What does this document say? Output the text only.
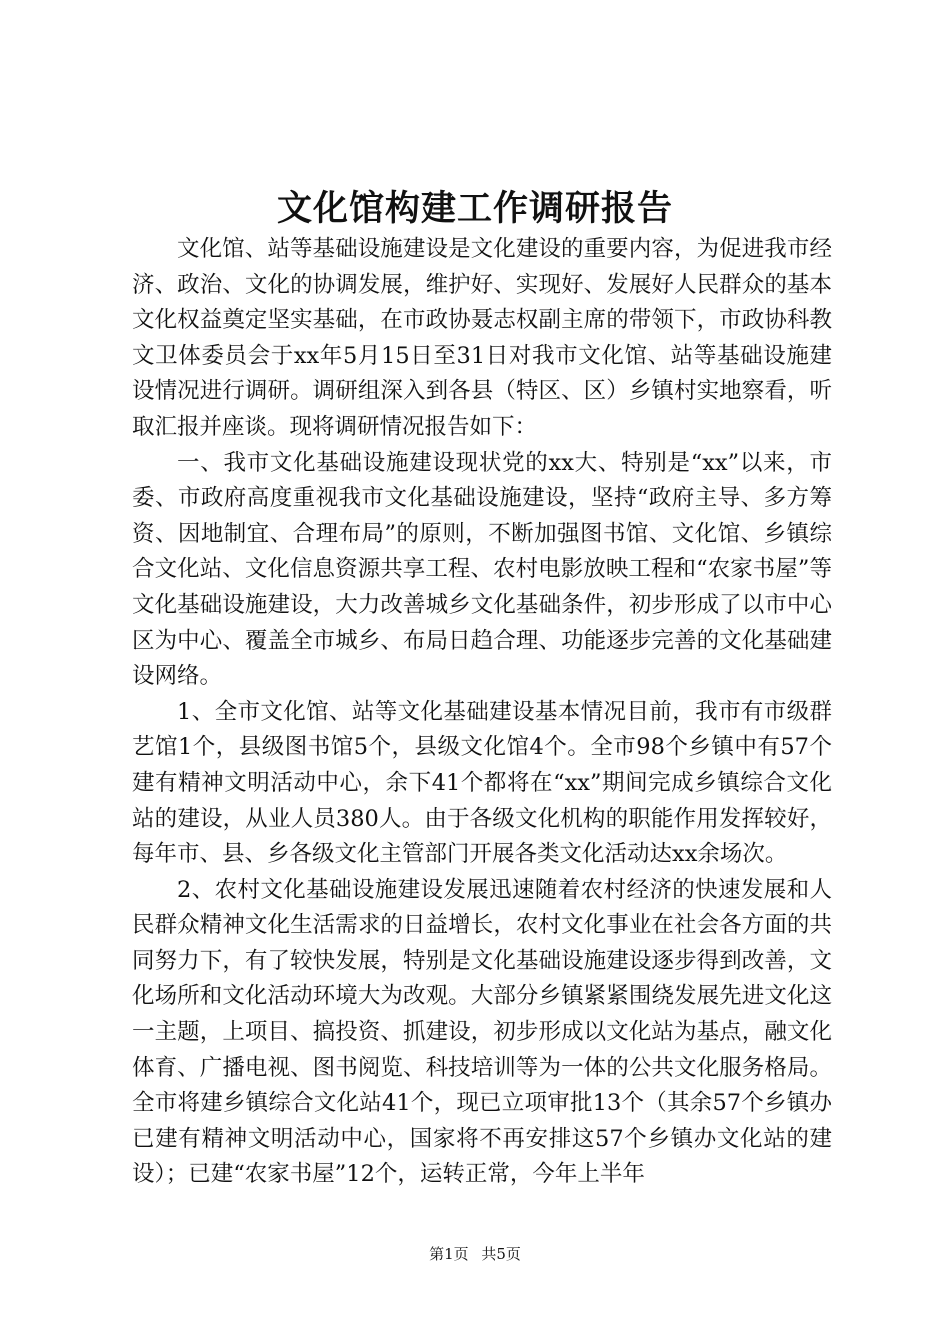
文化馆构建工作调研报告

文化馆、站等基础设施建设是文化建设的重要内容，为促进我市经济、政治、文化的协调发展，维护好、实现好、发展好人民群众的基本文化权益奠定坚实基础，在市政协聂志权副主席的带领下，市政协科教文卫体委员会于xx年5月15日至31日对我市文化馆、站等基础设施建设情况进行调研。调研组深入到各县（特区、区）乡镇村实地察看，听取汇报并座谈。现将调研情况报告如下：

一、我市文化基础设施建设现状党的xx大、特别是“xx”以来，市委、市政府高度重视我市文化基础设施建设，坚持“政府主导、多方筹资、因地制宜、合理布局”的原则，不断加强图书馆、文化馆、乡镇综合文化站、文化信息资源共享工程、农村电影放映工程和“农家书屋”等文化基础设施建设，大力改善城乡文化基础条件，初步形成了以市中心区为中心、覆盖全市城乡、布局日趋合理、功能逐步完善的文化基础建设网络。

1、全市文化馆、站等文化基础建设基本情况目前，我市有市级群艺馆1个，县级图书馆5个，县级文化馆4个。全市98个乡镇中有57个建有精神文明活动中心，余下41个都将在“xx”期间完成乡镇综合文化站的建设，从业人员380人。由于各级文化机构的职能作用发挥较好，每年市、县、乡各级文化主管部门开展各类文化活动达xx余场次。

2、农村文化基础设施建设发展迅速随着农村经济的快速发展和人民群众精神文化生活需求的日益增长，农村文化事业在社会各方面的共同努力下，有了较快发展，特别是文化基础设施建设逐步得到改善，文化场所和文化活动环境大为改观。大部分乡镇紧紧围绕发展先进文化这一主题，上项目、搞投资、抓建设，初步形成以文化站为基点，融文化体育、广播电视、图书阅览、科技培训等为一体的公共文化服务格局。全市将建乡镇综合文化站41个，现已立项审批13个（其余57个乡镇办已建有精神文明活动中心，国家将不再安排这57个乡镇办文化站的建设）；已建“农家书屋”12个，运转正常，今年上半年

第1页 共5页
